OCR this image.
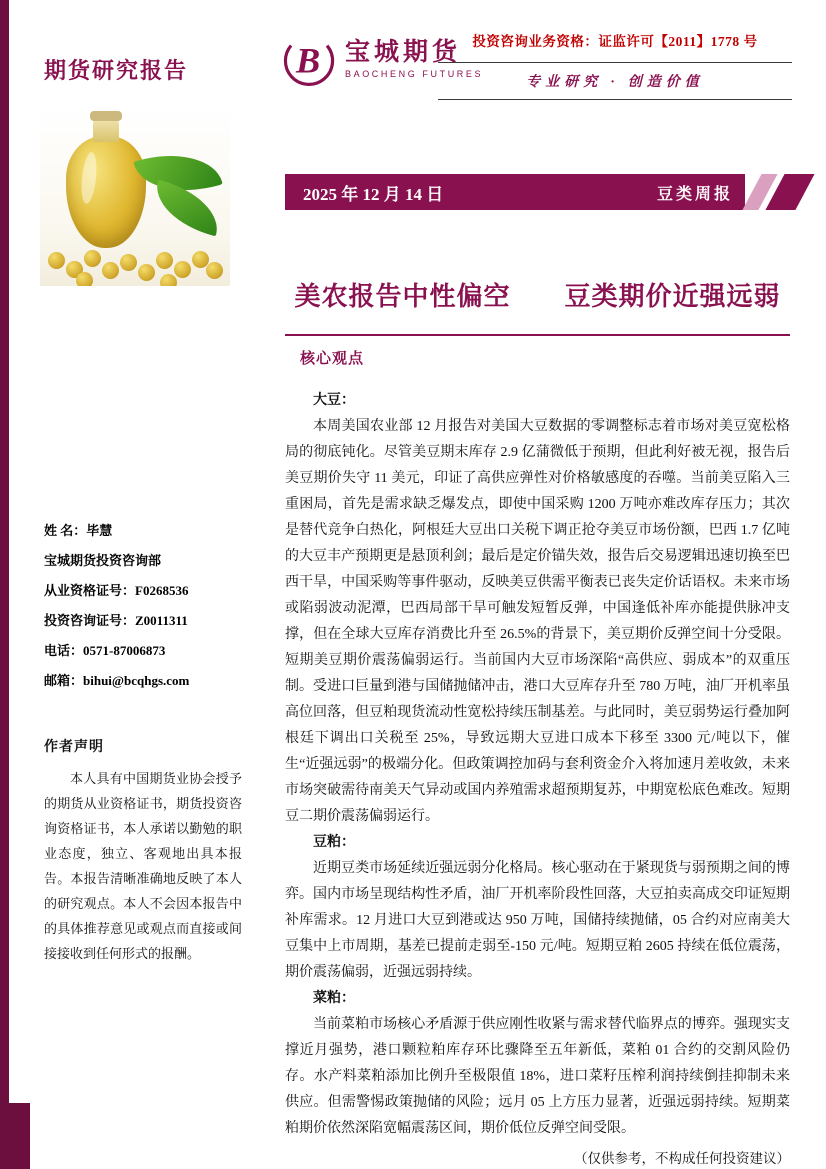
期货研究报告	B 宝城期货
BAOCHENG FUTURES
投资咨询业务资格：证监许可【2011】1778 号
专业研究 · 创造价值
2025 年 12 月 14 日	豆类周报
美农报告中性偏空　　豆类期价近强远弱
核心观点
大豆：
本周美国农业部 12 月报告对美国大豆数据的零调整标志着市场对美豆宽松格局的彻底钝化。尽管美豆期末库存 2.9 亿蒲微低于预期，但此利好被无视，报告后美豆期价失守 11 美元，印证了高供应弹性对价格敏感度的吞噬。当前美豆陷入三重困局，首先是需求缺乏爆发点，即使中国采购 1200 万吨亦难改库存压力；其次是替代竞争白热化，阿根廷大豆出口关税下调正抢夺美豆市场份额，巴西 1.7 亿吨的大豆丰产预期更是悬顶利剑；最后是定价锚失效，报告后交易逻辑迅速切换至巴西干旱，中国采购等事件驱动，反映美豆供需平衡表已丧失定价话语权。未来市场或陷弱波动泥潭，巴西局部干旱可触发短暂反弹，中国逢低补库亦能提供脉冲支撑，但在全球大豆库存消费比升至 26.5%的背景下，美豆期价反弹空间十分受限。短期美豆期价震荡偏弱运行。当前国内大豆市场深陷“高供应、弱成本”的双重压制。受进口巨量到港与国储抛储冲击，港口大豆库存升至 780 万吨，油厂开机率虽高位回落，但豆粕现货流动性宽松持续压制基差。与此同时，美豆弱势运行叠加阿根廷下调出口关税至 25%，导致远期大豆进口成本下移至 3300 元/吨以下，催生“近强远弱”的极端分化。但政策调控加码与套利资金介入将加速月差收敛，未来市场突破需待南美天气异动或国内养殖需求超预期复苏，中期宽松底色难改。短期豆二期价震荡偏弱运行。
豆粕：
近期豆类市场延续近强远弱分化格局。核心驱动在于紧现货与弱预期之间的博弈。国内市场呈现结构性矛盾，油厂开机率阶段性回落，大豆拍卖高成交印证短期补库需求。12 月进口大豆到港或达 950 万吨，国储持续抛储，05 合约对应南美大豆集中上市周期，基差已提前走弱至-150 元/吨。短期豆粕 2605 持续在低位震荡，期价震荡偏弱，近强远弱持续。
菜粕：
当前菜粕市场核心矛盾源于供应刚性收紧与需求替代临界点的博弈。强现实支撑近月强势，港口颗粒粕库存环比骤降至五年新低，菜粕 01 合约的交割风险仍存。水产料菜粕添加比例升至极限值 18%，进口菜籽压榨利润持续倒挂抑制未来供应。但需警惕政策抛储的风险；远月 05 上方压力显著，近强远弱持续。短期菜粕期价依然深陷宽幅震荡区间，期价低位反弹空间受限。
（仅供参考，不构成任何投资建议）
姓 名：毕慧
宝城期货投资咨询部
从业资格证号：F0268536
投资咨询证号：Z0011311
电话：0571-87006873
邮箱：bihui@bcqhgs.com
作者声明
本人具有中国期货业协会授予的期货从业资格证书，期货投资咨询资格证书，本人承诺以勤勉的职业态度，独立、客观地出具本报告。本报告清晰准确地反映了本人的研究观点。本人不会因本报告中的具体推荐意见或观点而直接或间接接收到任何形式的报酬。
